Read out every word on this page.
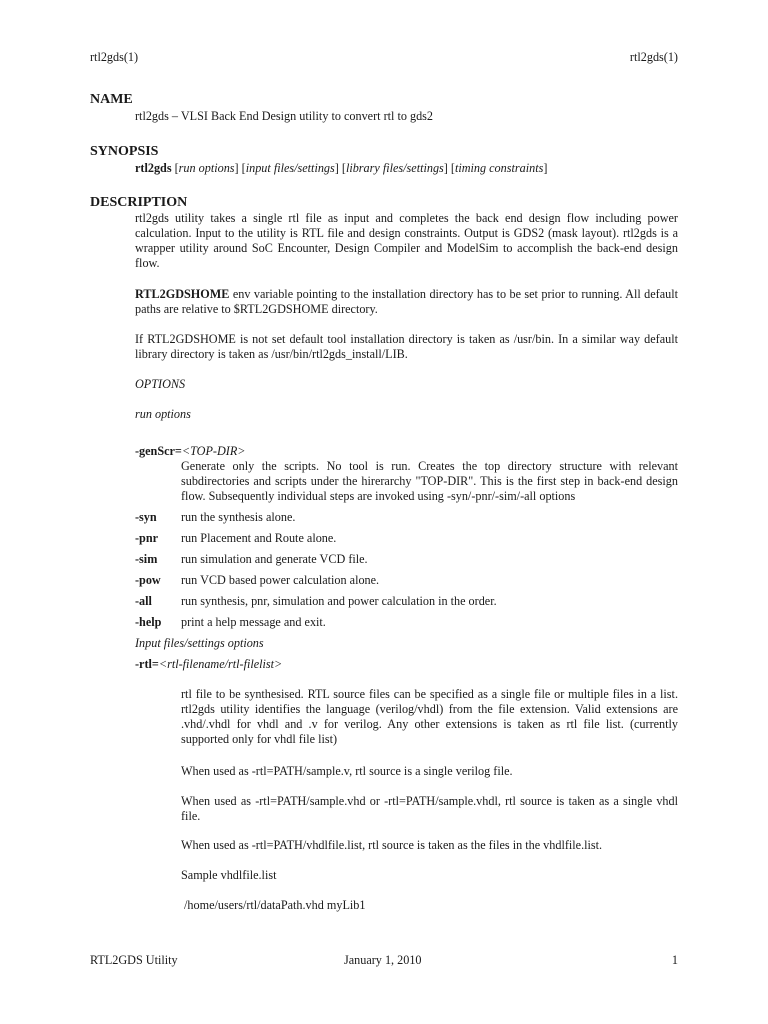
rtl2gds(1)	rtl2gds(1)
NAME
rtl2gds – VLSI Back End Design utility to convert rtl to gds2
SYNOPSIS
rtl2gds [run options] [input files/settings] [library files/settings] [timing constraints]
DESCRIPTION
rtl2gds utility takes a single rtl file as input and completes the back end design flow including power calculation. Input to the utility is RTL file and design constraints. Output is GDS2 (mask layout). rtl2gds is a wrapper utility around SoC Encounter, Design Compiler and ModelSim to accomplish the back-end design flow.
RTL2GDSHOME env variable pointing to the installation directory has to be set prior to running. All default paths are relative to $RTL2GDSHOME directory.
If RTL2GDSHOME is not set default tool installation directory is taken as /usr/bin. In a similar way default library directory is taken as /usr/bin/rtl2gds_install/LIB.
OPTIONS
run options
-genScr=<TOP-DIR>
Generate only the scripts. No tool is run. Creates the top directory structure with relevant subdirectories and scripts under the hirerarchy "TOP-DIR". This is the first step in back-end design flow. Subsequently individual steps are invoked using -syn/-pnr/-sim/-all options
-syn run the synthesis alone.
-pnr run Placement and Route alone.
-sim run simulation and generate VCD file.
-pow run VCD based power calculation alone.
-all run synthesis, pnr, simulation and power calculation in the order.
-help print a help message and exit.
Input files/settings options
-rtl=<rtl-filename/rtl-filelist>
rtl file to be synthesised. RTL source files can be specified as a single file or multiple files in a list. rtl2gds utility identifies the language (verilog/vhdl) from the file extension. Valid extensions are .vhd/.vhdl for vhdl and .v for verilog. Any other extensions is taken as rtl file list. (currently supported only for vhdl file list)
When used as -rtl=PATH/sample.v, rtl source is a single verilog file.
When used as -rtl=PATH/sample.vhd or -rtl=PATH/sample.vhdl, rtl source is taken as a single vhdl file.
When used as -rtl=PATH/vhdlfile.list, rtl source is taken as the files in the vhdlfile.list.
Sample vhdlfile.list
/home/users/rtl/dataPath.vhd myLib1
RTL2GDS Utility	January 1, 2010	1
